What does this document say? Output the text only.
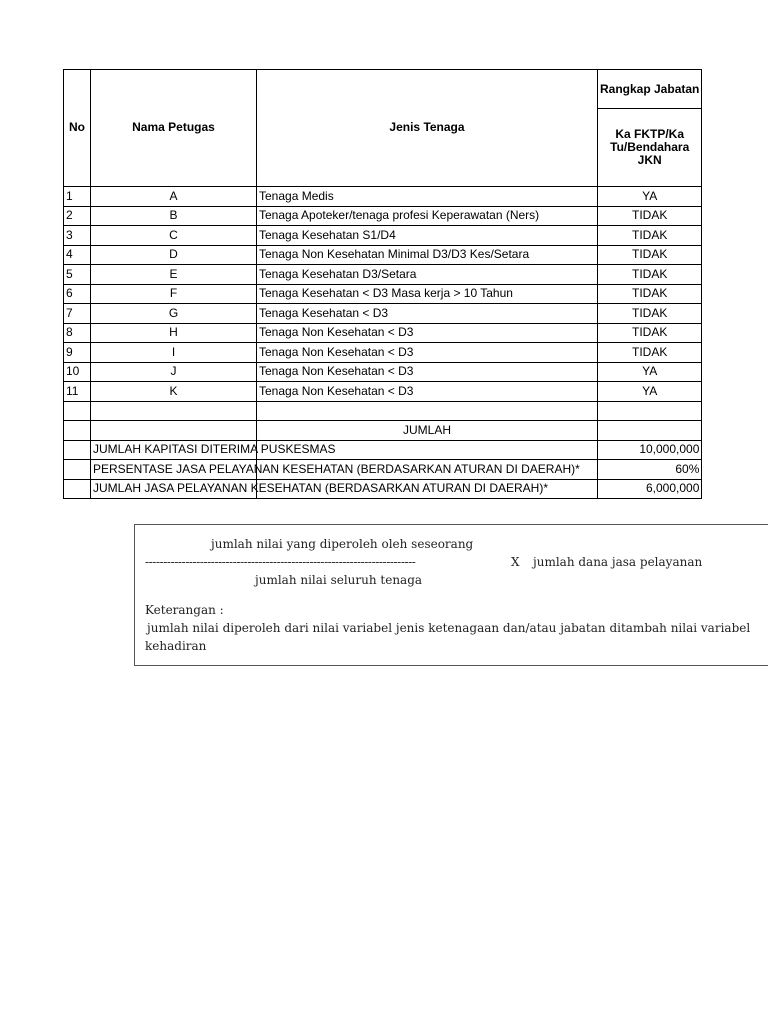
No	Nama Petugas	Jenis Tenaga	Rangkap Jabatan
			Ka FKTP/Ka Tu/Bendahara JKN
1	A	Tenaga Medis	YA
2	B	Tenaga Apoteker/tenaga profesi Keperawatan (Ners)	TIDAK
3	C	Tenaga Kesehatan S1/D4	TIDAK
4	D	Tenaga Non Kesehatan Minimal D3/D3 Kes/Setara	TIDAK
5	E	Tenaga Kesehatan D3/Setara	TIDAK
6	F	Tenaga Kesehatan < D3 Masa kerja > 10 Tahun	TIDAK
7	G	Tenaga Kesehatan < D3	TIDAK
8	H	Tenaga Non Kesehatan < D3	TIDAK
9	I	Tenaga Non Kesehatan < D3	TIDAK
10	J	Tenaga Non Kesehatan < D3	YA
11	K	Tenaga Non Kesehatan < D3	YA

		JUMLAH	
	JUMLAH KAPITASI DITERIMA PUSKESMAS		10,000,000
	PERSENTASE JASA PELAYANAN KESEHATAN (BERDASARKAN ATURAN DI DAERAH)*		60%
	JUMLAH JASA PELAYANAN KESEHATAN (BERDASARKAN ATURAN DI DAERAH)*		6,000,000
jumlah nilai yang diperoleh oleh seseorang
--------------------------------------------------------------------------	X jumlah dana jasa pelayanan
jumlah nilai seluruh tenaga
Keterangan :
jumlah nilai diperoleh dari nilai variabel jenis ketenagaan dan/atau jabatan ditambah nilai variabel
kehadiran
